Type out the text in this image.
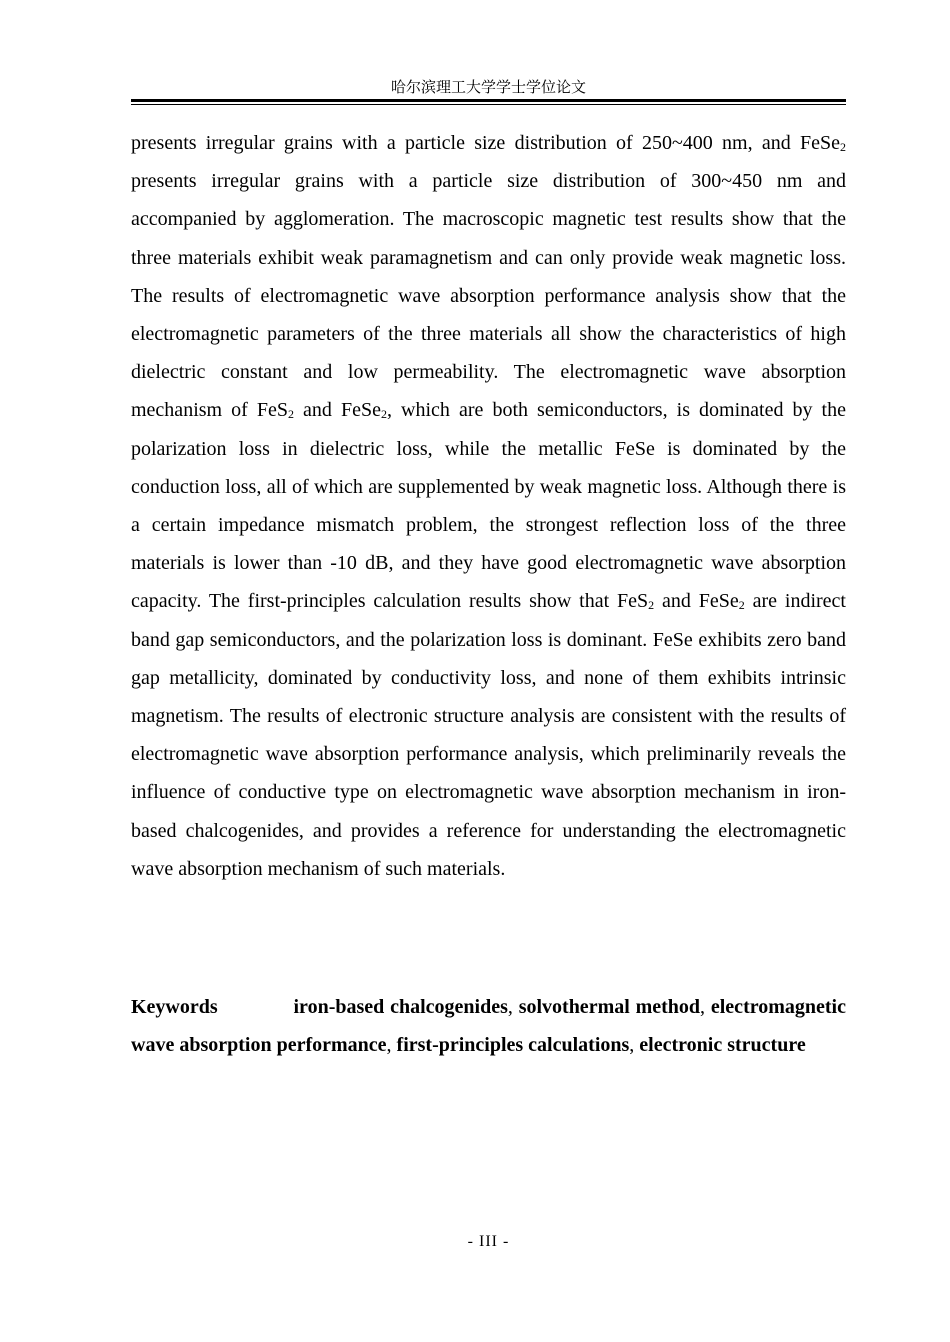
哈尔滨理工大学学士学位论文

presents irregular grains with a particle size distribution of 250~400 nm, and FeSe$_2$ presents irregular grains with a particle size distribution of 300~450 nm and accompanied by agglomeration. The macroscopic magnetic test results show that the three materials exhibit weak paramagnetism and can only provide weak magnetic loss. The results of electromagnetic wave absorption performance analysis show that the electromagnetic parameters of the three materials all show the characteristics of high dielectric constant and low permeability. The electromagnetic wave absorption mechanism of FeS$_2$ and FeSe$_2$, which are both semiconductors, is dominated by the polarization loss in dielectric loss, while the metallic FeSe is dominated by the conduction loss, all of which are supplemented by weak magnetic loss. Although there is a certain impedance mismatch problem, the strongest reflection loss of the three materials is lower than -10 dB, and they have good electromagnetic wave absorption capacity. The first-principles calculation results show that FeS$_2$ and FeSe$_2$ are indirect band gap semiconductors, and the polarization loss is dominant. FeSe exhibits zero band gap metallicity, dominated by conductivity loss, and none of them exhibits intrinsic magnetism. The results of electronic structure analysis are consistent with the results of electromagnetic wave absorption performance analysis, which preliminarily reveals the influence of conductive type on electromagnetic wave absorption mechanism in iron-based chalcogenides, and provides a reference for understanding the electromagnetic wave absorption mechanism of such materials.

Keywords	iron-based chalcogenides, solvothermal method, electromagnetic wave absorption performance, first-principles calculations, electronic structure

- III -
